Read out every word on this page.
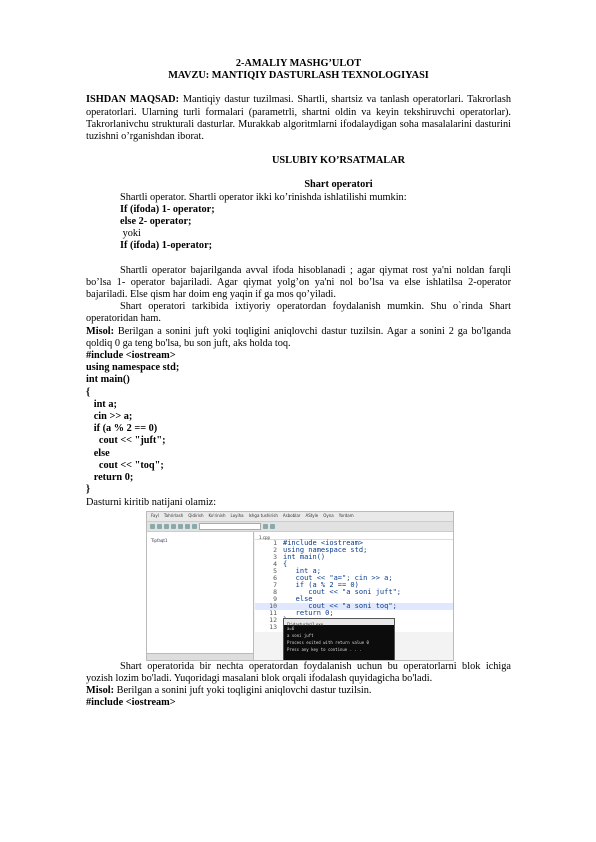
2-AMALIY MASHG’ULOT

MAVZU: MANTIQIY DASTURLASH TEXNOLOGIYASI

ISHDAN MAQSAD: Mantiqiy dastur tuzilmasi. Shartli, shartsiz va tanlash operatorlari. Takrorlash operatorlari. Ularning turli formalari (parametrli, shartni oldin va keyin tekshiruvchi operatorlar). Takrorlanivchu strukturali dasturlar. Murakkab algoritmlarni ifodalaydigan soha masalalarini dasturini tuzishni o’rganishdan iborat.

USLUBIY KO’RSATMALAR

Shart operatori

Shartli operator. Shartli operator ikki ko’rinishda ishlatilishi mumkin:

If (ifoda) 1- operator;

else 2- operator;

yoki

If (ifoda) 1-operator;

Shartli operator bajarilganda avval ifoda hisoblanadi ; agar qiymat rost ya'ni noldan farqli bo’lsa 1- operator bajariladi. Agar qiymat yolg’on ya'ni nol bo’lsa va else ishlatilsa 2-operator bajariladi. Else qism har doim eng yaqin if ga mos qo’yiladi.

Shart operatori tarkibida ixtiyoriy operatordan foydalanish mumkin. Shu o`rinda Shart operatoridan ham.

Misol: Berilgan a sonini juft yoki toqligini aniqlovchi dastur tuzilsin. Agar a sonini 2 ga bo'lganda qoldiq 0 ga teng bo'lsa, bu son juft, aks holda toq.

#include <iostream>

using namespace std;

int main()

{

int a;

cin >> a;

if (a % 2 == 0)

cout << "juft";

else

cout << "toq";

return 0;

}

Dasturni kiritib natijani olamiz:

Fayl Tahrirlash Qidirish Ko'rinish Loyiha Ishga tushirish Asboblar AStyle Oyna Yordam
Tipfaqt1
1.cpp
1 #include <iostream>
2 using namespace std;
3 int main()
4 {
5 int a;
6 cout << "a="; cin >> a;
7 if (a % 2 == 0)
8 cout << "a soni juft";
9 else
10 cout << "a soni toq";
11 return 0;
12
13	D:\dasturlar\1.exe
a=6
a soni juft
Process exited with return value 0
Press any key to continue . . .

Shart operatorida bir nechta operatordan foydalanish uchun bu operatorlarni blok ichiga yozish lozim bo'ladi. Yuqoridagi masalani blok orqali ifodalash quyidagicha bo'ladi.

Misol: Berilgan a sonini juft yoki toqligini aniqlovchi dastur tuzilsin.

#include <iostream>
